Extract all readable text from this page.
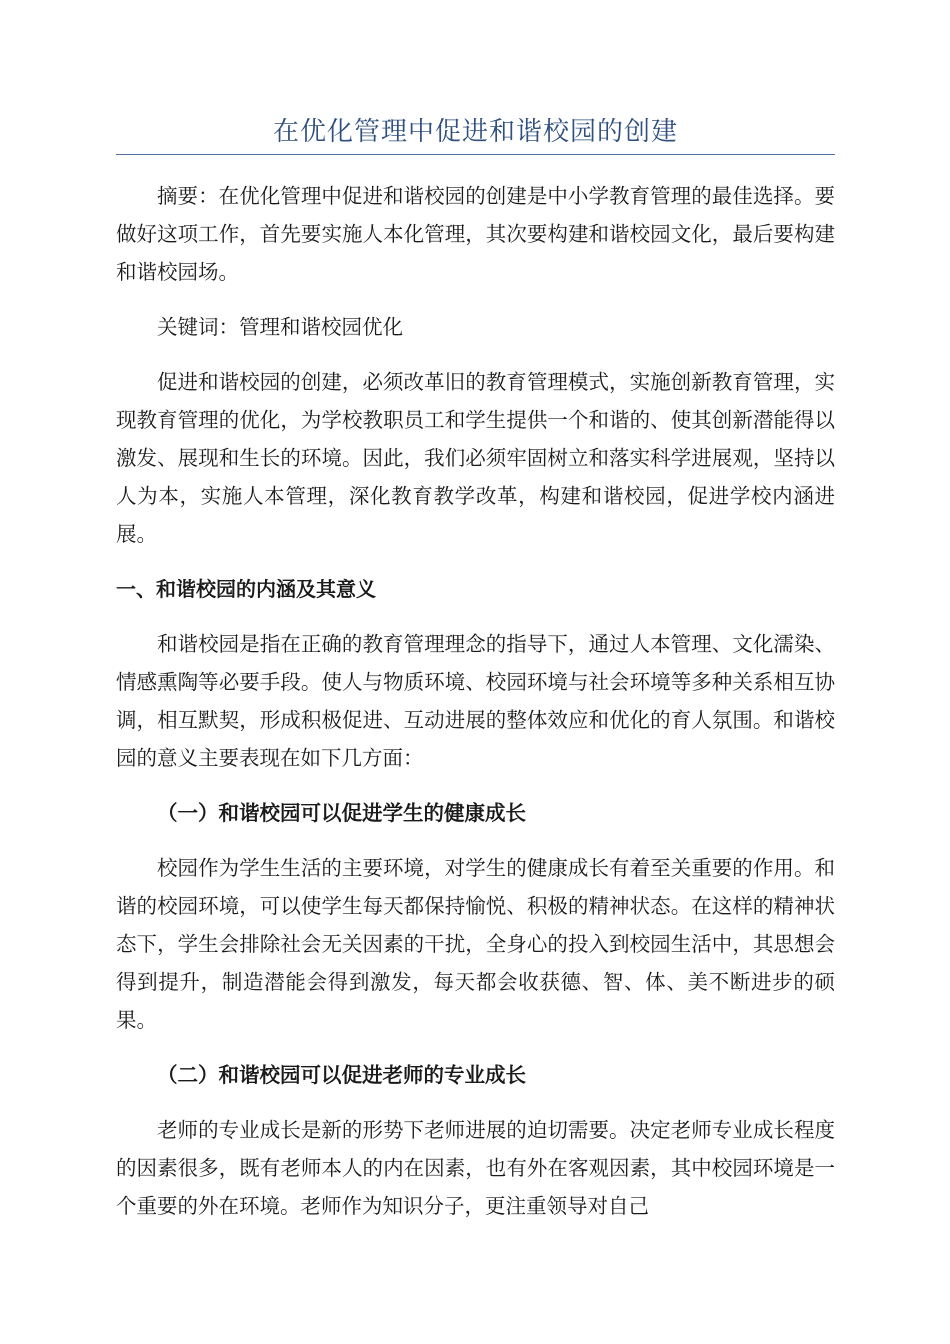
在优化管理中促进和谐校园的创建

摘要：在优化管理中促进和谐校园的创建是中小学教育管理的最佳选择。要做好这项工作，首先要实施人本化管理，其次要构建和谐校园文化，最后要构建和谐校园场。

关键词：管理和谐校园优化

促进和谐校园的创建，必须改革旧的教育管理模式，实施创新教育管理，实现教育管理的优化，为学校教职员工和学生提供一个和谐的、使其创新潜能得以激发、展现和生长的环境。因此，我们必须牢固树立和落实科学进展观，坚持以人为本，实施人本管理，深化教育教学改革，构建和谐校园，促进学校内涵进展。

一、和谐校园的内涵及其意义

和谐校园是指在正确的教育管理理念的指导下，通过人本管理、文化濡染、情感熏陶等必要手段。使人与物质环境、校园环境与社会环境等多种关系相互协调，相互默契，形成积极促进、互动进展的整体效应和优化的育人氛围。和谐校园的意义主要表现在如下几方面：

（一）和谐校园可以促进学生的健康成长

校园作为学生生活的主要环境，对学生的健康成长有着至关重要的作用。和谐的校园环境，可以使学生每天都保持愉悦、积极的精神状态。在这样的精神状态下，学生会排除社会无关因素的干扰，全身心的投入到校园生活中，其思想会得到提升，制造潜能会得到激发，每天都会收获德、智、体、美不断进步的硕果。

（二）和谐校园可以促进老师的专业成长

老师的专业成长是新的形势下老师进展的迫切需要。决定老师专业成长程度的因素很多，既有老师本人的内在因素，也有外在客观因素，其中校园环境是一个重要的外在环境。老师作为知识分子，更注重领导对自己
